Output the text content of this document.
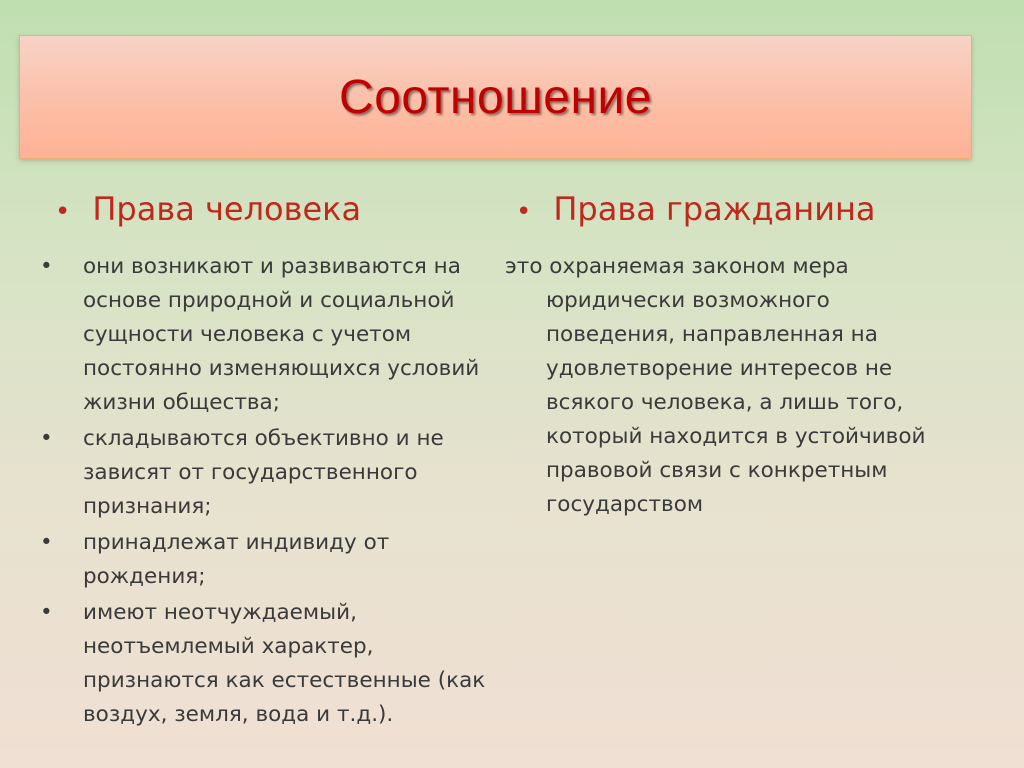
Соотношение
• Права человека	• Права гражданина
• они возникают и развиваются на основе природной и социальной сущности человека с учетом постоянно изменяющихся условий жизни общества;
• складываются объективно и не зависят от государственного признания;
• принадлежат индивиду от рождения;
• имеют неотчуждаемый, неотъемлемый характер, признаются как естественные (как воздух, земля, вода и т.д.).
это охраняемая законом мера юридически возможного поведения, направленная на удовлетворение интересов не всякого человека, а лишь того, который находится в устойчивой правовой связи с конкретным государством
